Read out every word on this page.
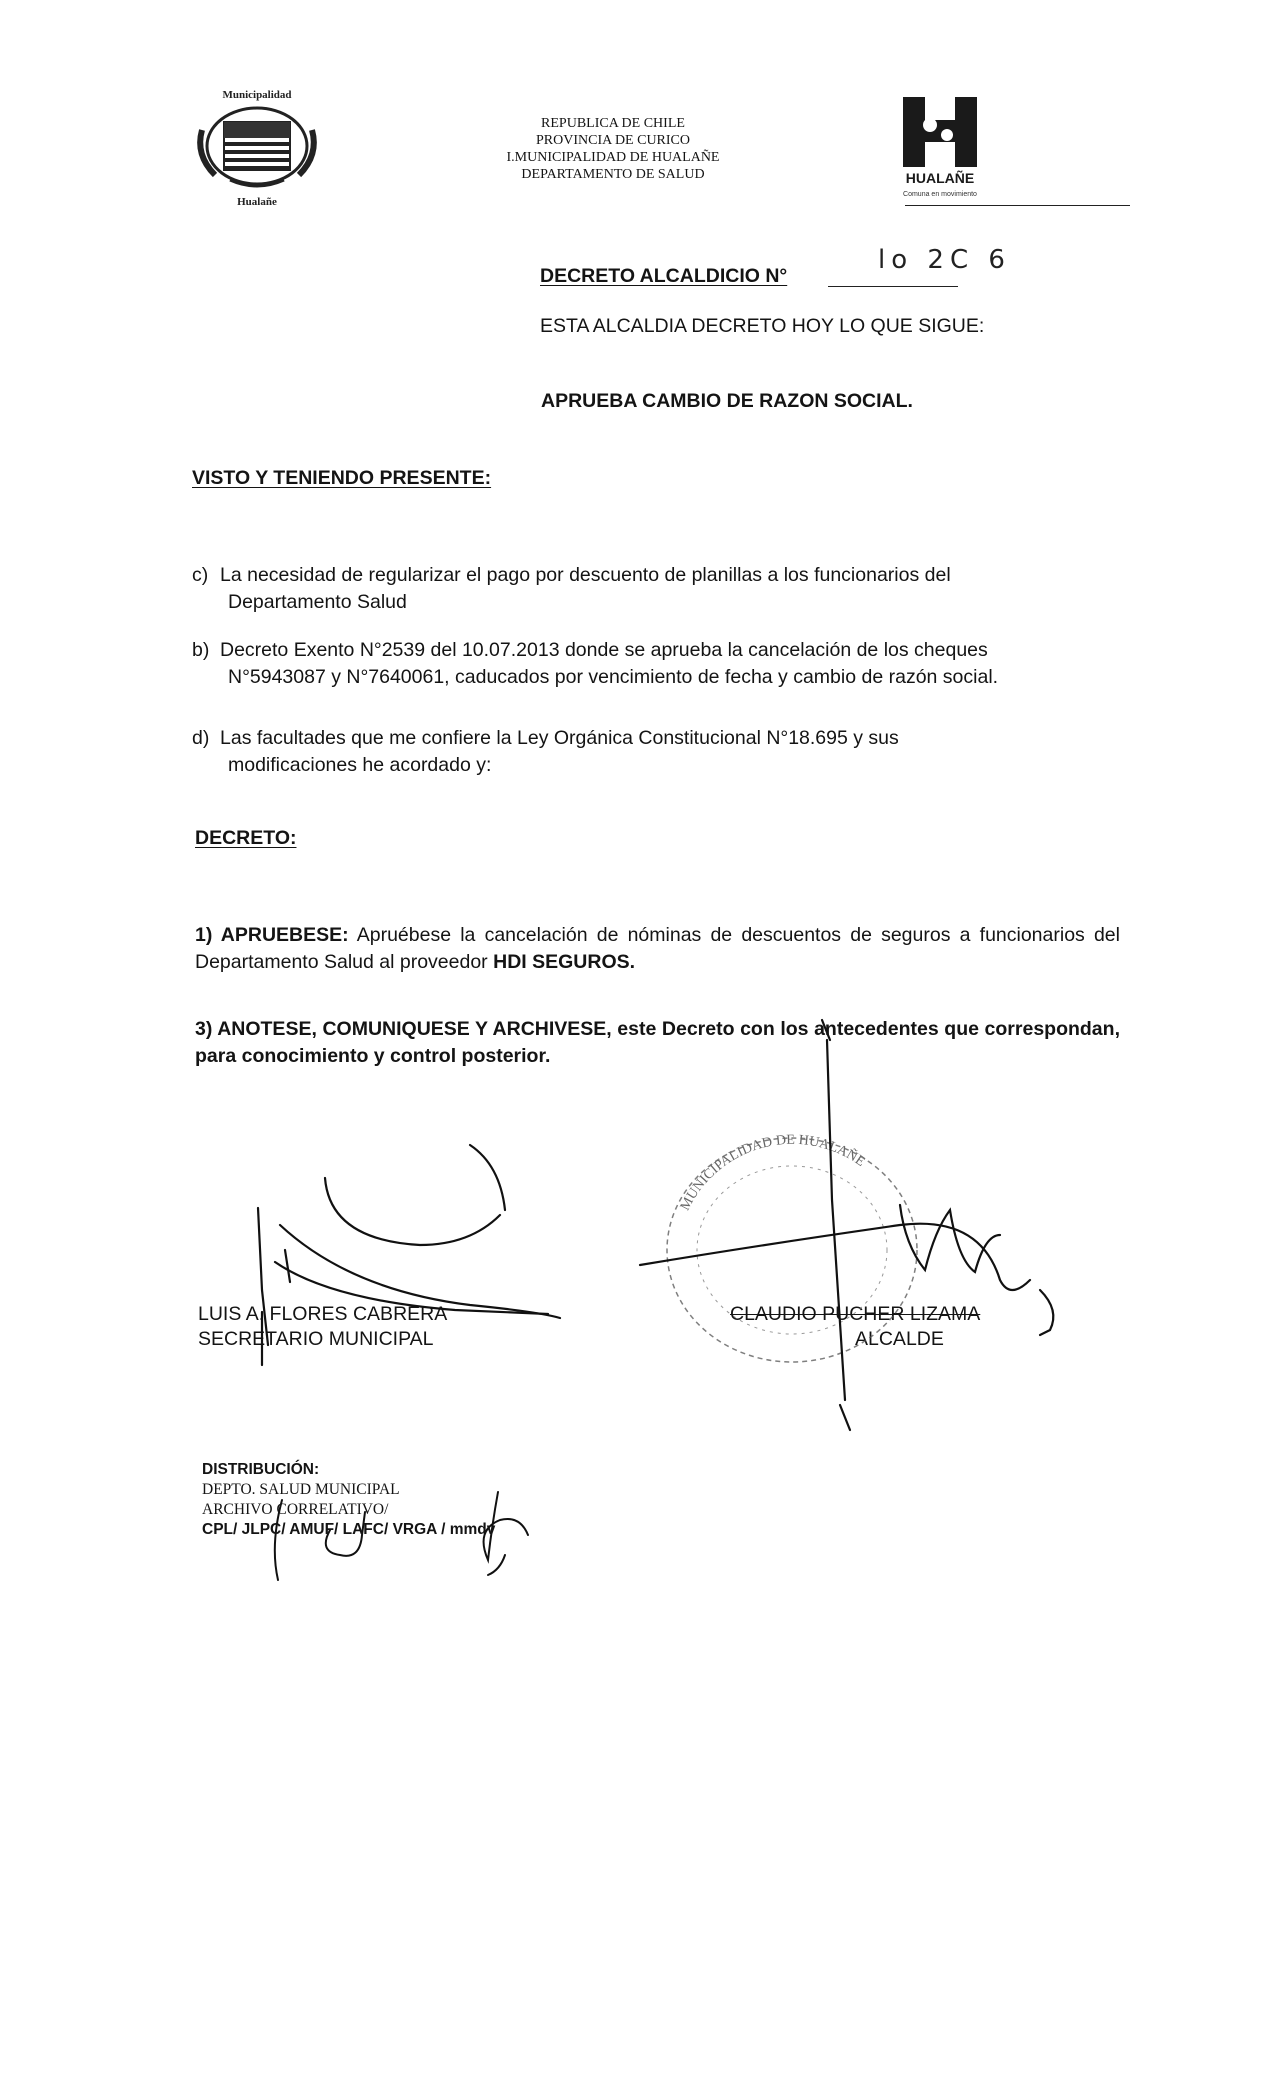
Municipalidad
Hualañe
REPUBLICA DE CHILE
PROVINCIA DE CURICO
I.MUNICIPALIDAD DE HUALAÑE
DEPARTAMENTO DE SALUD	HUALAÑE
Comuna en movimiento
DECRETO ALCALDICIO N°
lo 2C 6
ESTA ALCALDIA DECRETO HOY LO QUE SIGUE:
APRUEBA CAMBIO DE RAZON SOCIAL.
VISTO Y TENIENDO PRESENTE:
c) La necesidad de regularizar el pago por descuento de planillas a los funcionarios del
Departamento Salud
b) Decreto Exento N°2539 del 10.07.2013 donde se aprueba la cancelación de los cheques
N°5943087 y N°7640061, caducados por vencimiento de fecha y cambio de razón social.
d) Las facultades que me confiere la Ley Orgánica Constitucional N°18.695 y sus
modificaciones he acordado y:
DECRETO:
1) APRUEBESE: Apruébese la cancelación de nóminas de descuentos de seguros a funcionarios del Departamento Salud al proveedor HDI SEGUROS.
3) ANOTESE, COMUNIQUESE Y ARCHIVESE, este Decreto con los antecedentes que correspondan, para conocimiento y control posterior.
LUIS A. FLORES CABRERA
SECRETARIO MUNICIPAL
CLAUDIO PUCHER LIZAMA
ALCALDE
MUNICIPALIDAD DE HUALAÑE
DISTRIBUCIÓN:
DEPTO. SALUD MUNICIPAL
ARCHIVO CORRELATIVO/
CPL/ JLPC/ AMUF/ LAFC/ VRGA / mmdv
